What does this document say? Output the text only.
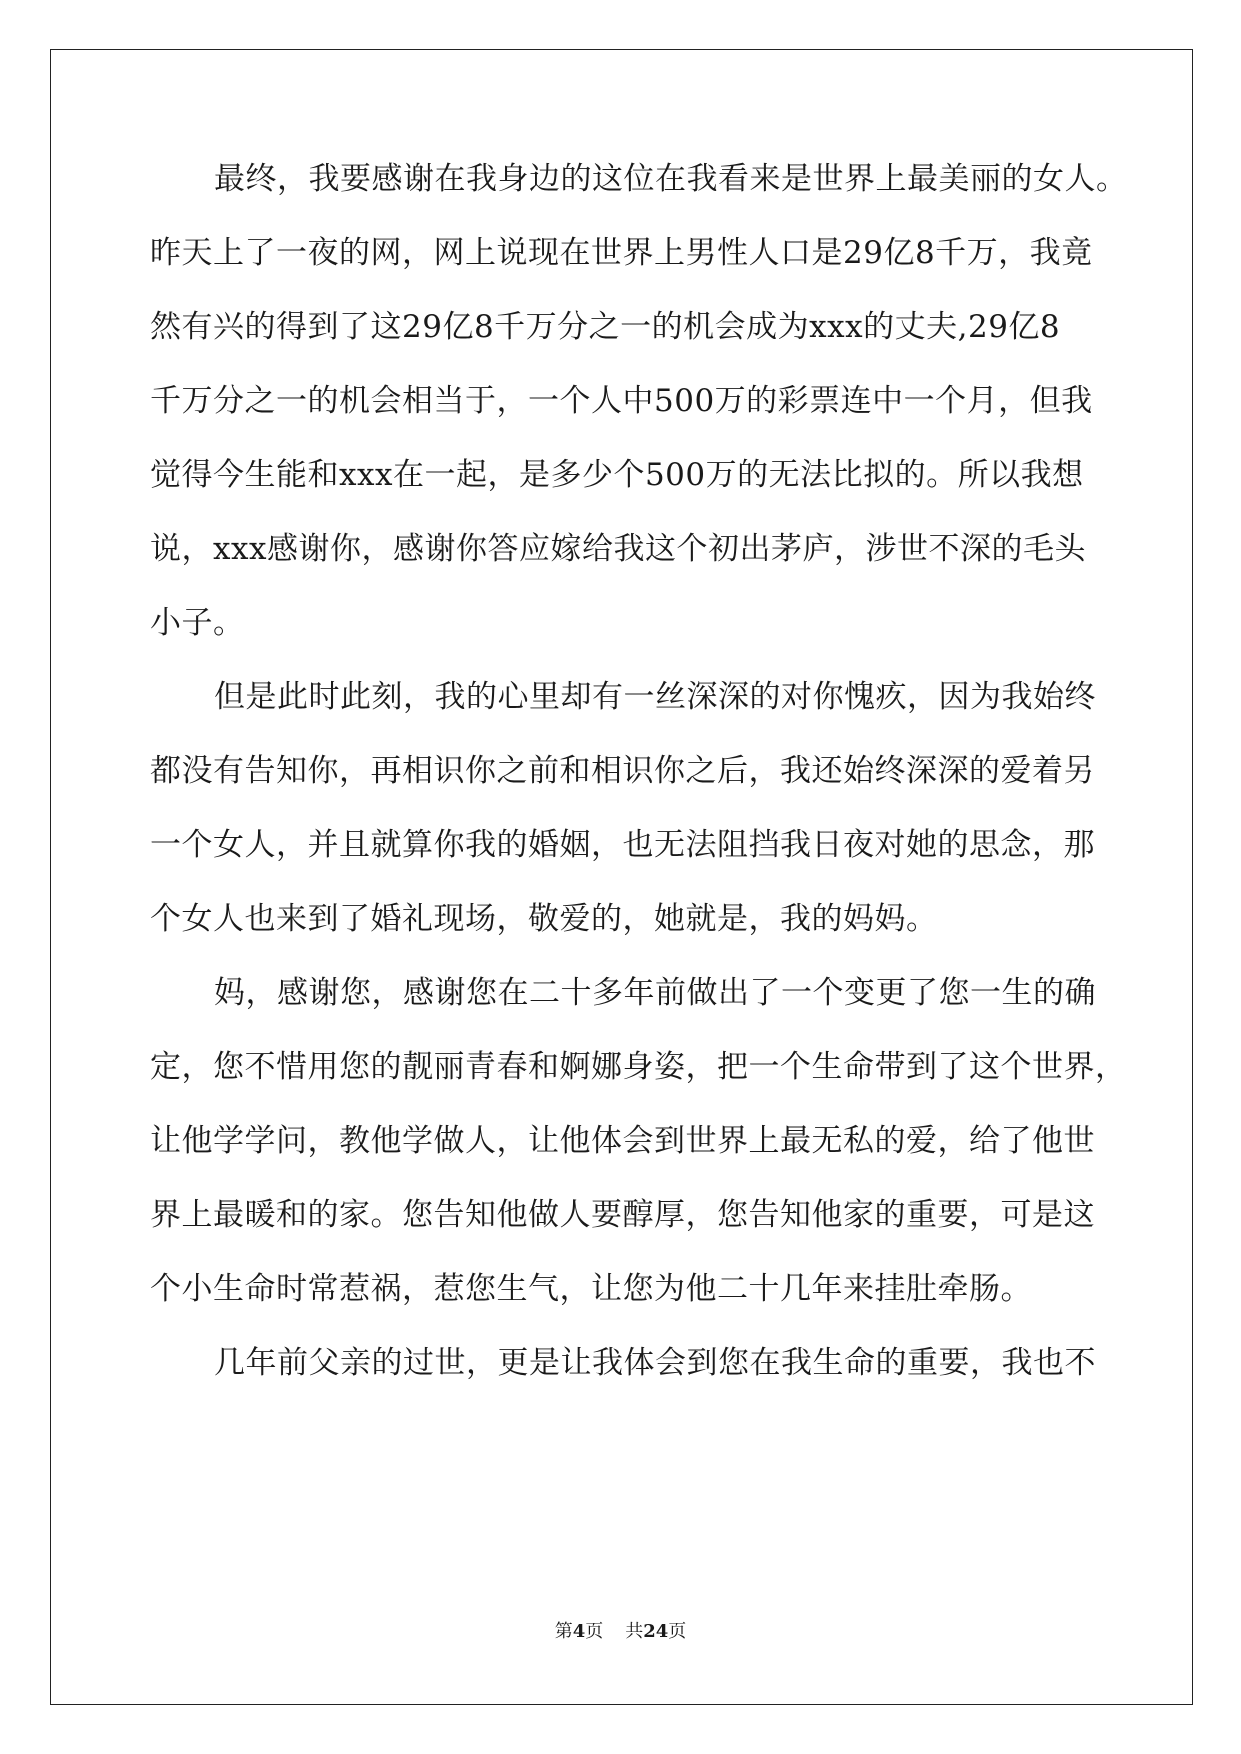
最终，我要感谢在我身边的这位在我看来是世界上最美丽的女人。
昨天上了一夜的网，网上说现在世界上男性人口是29亿8千万，我竟
然有兴的得到了这29亿8千万分之一的机会成为xxx的丈夫,29亿8
千万分之一的机会相当于，一个人中500万的彩票连中一个月，但我
觉得今生能和xxx在一起，是多少个500万的无法比拟的。所以我想
说，xxx感谢你，感谢你答应嫁给我这个初出茅庐，涉世不深的毛头
小子。
但是此时此刻，我的心里却有一丝深深的对你愧疚，因为我始终
都没有告知你，再相识你之前和相识你之后，我还始终深深的爱着另
一个女人，并且就算你我的婚姻，也无法阻挡我日夜对她的思念，那
个女人也来到了婚礼现场，敬爱的，她就是，我的妈妈。
妈，感谢您，感谢您在二十多年前做出了一个变更了您一生的确
定，您不惜用您的靓丽青春和婀娜身姿，把一个生命带到了这个世界，
让他学学问，教他学做人，让他体会到世界上最无私的爱，给了他世
界上最暖和的家。您告知他做人要醇厚，您告知他家的重要，可是这
个小生命时常惹祸，惹您生气，让您为他二十几年来挂肚牵肠。
几年前父亲的过世，更是让我体会到您在我生命的重要，我也不
第4页 共24页
